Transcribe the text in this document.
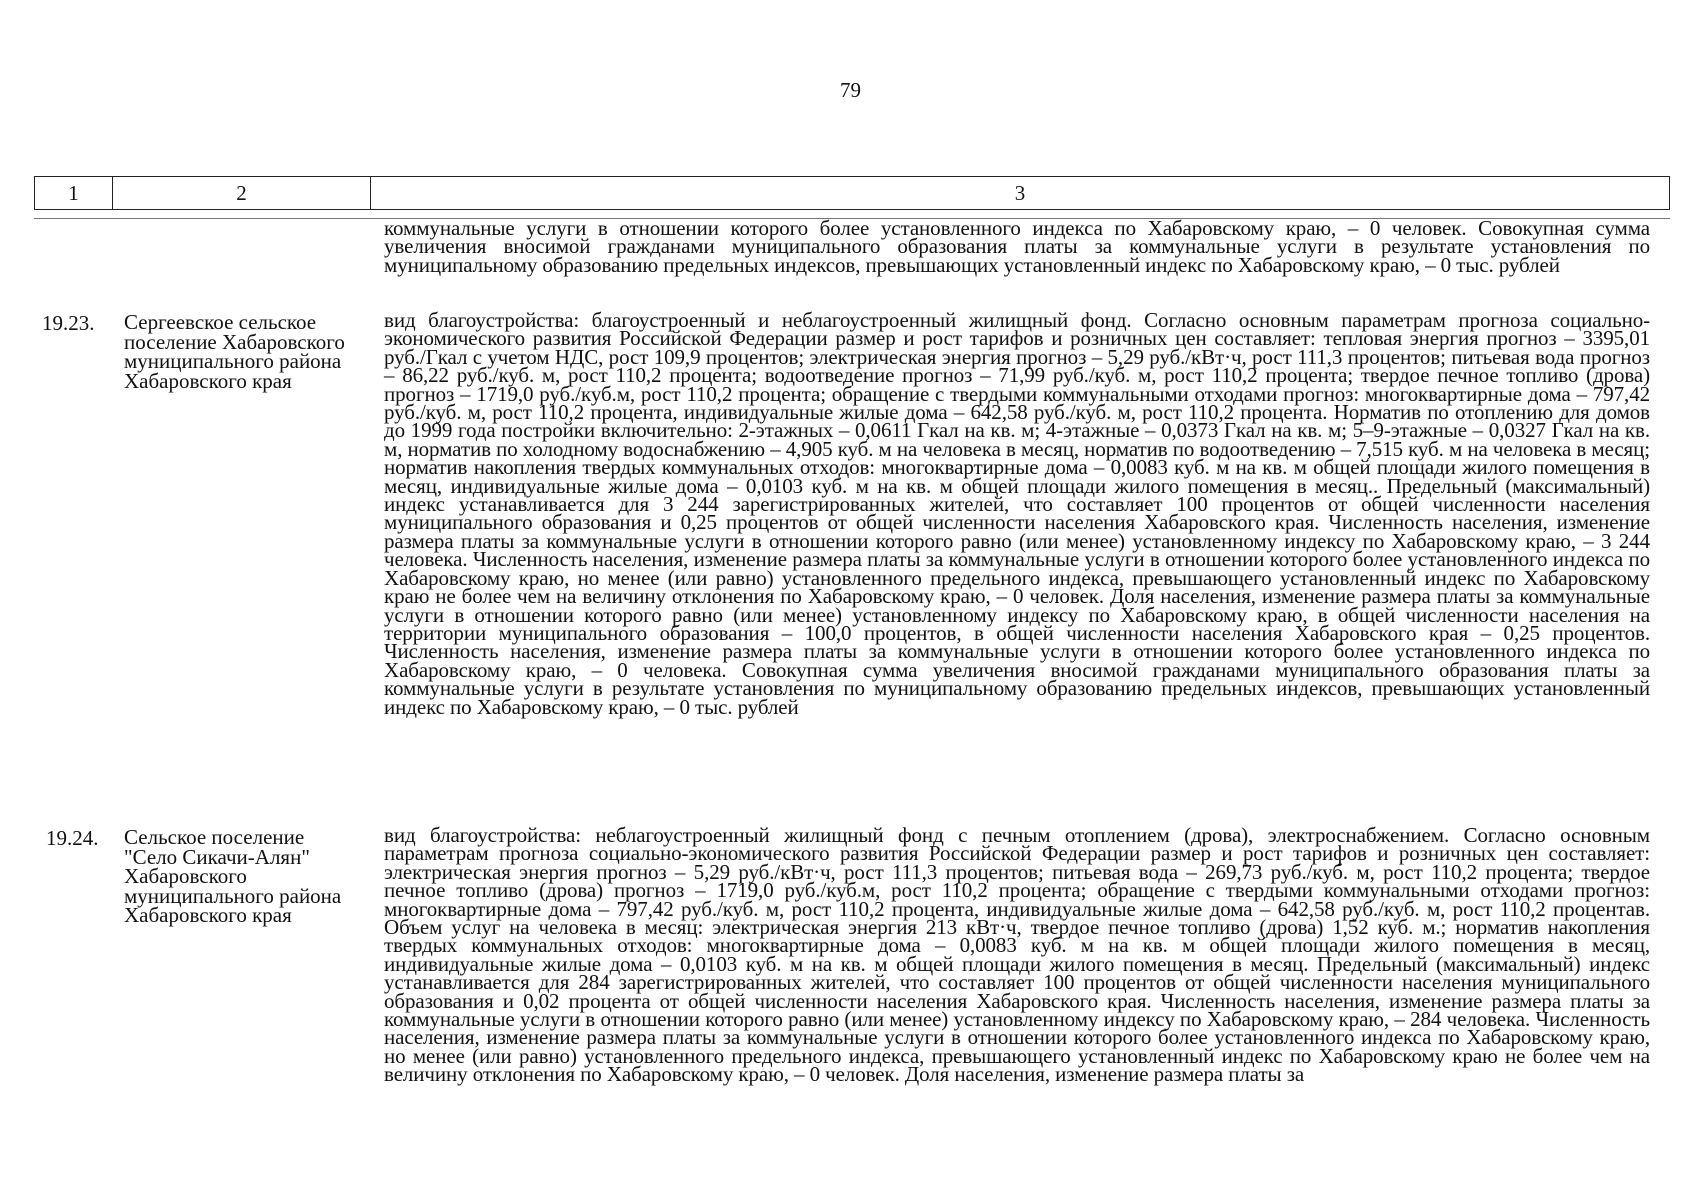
79
1	2	3
коммунальные услуги в отношении которого более установленного индекса по Хабаровскому краю, – 0 человек. Совокупная сумма увеличения вносимой гражданами муниципального образования платы за коммунальные услуги в результате установления по муниципальному образованию предельных индексов, превышающих установленный индекс по Хабаровскому краю, – 0 тыс. рублей
19.23. Сергеевское сельское поселение Хабаровского муниципального района Хабаровского края
вид благоустройства: благоустроенный и неблагоустроенный жилищный фонд. Согласно основным параметрам прогноза социально-экономического развития Российской Федерации размер и рост тарифов и розничных цен составляет: тепловая энергия прогноз – 3395,01 руб./Гкал с учетом НДС, рост 109,9 процентов; электрическая энергия прогноз – 5,29 руб./кВт·ч, рост 111,3 процентов; питьевая вода прогноз – 86,22 руб./куб. м, рост 110,2 процента; водоотведение прогноз – 71,99 руб./куб. м, рост 110,2 процента; твердое печное топливо (дрова) прогноз – 1719,0 руб./куб.м, рост 110,2 процента; обращение с твердыми коммунальными отходами прогноз: многоквартирные дома – 797,42 руб./куб. м, рост 110,2 процента, индивидуальные жилые дома – 642,58 руб./куб. м, рост 110,2 процента. Норматив по отоплению для домов до 1999 года постройки включительно: 2-этажных – 0,0611 Гкал на кв. м; 4-этажные – 0,0373 Гкал на кв. м; 5–9-этажные – 0,0327 Гкал на кв. м, норматив по холодному водоснабжению – 4,905 куб. м на человека в месяц, норматив по водоотведению – 7,515 куб. м на человека в месяц; норматив накопления твердых коммунальных отходов: многоквартирные дома – 0,0083 куб. м на кв. м общей площади жилого помещения в месяц, индивидуальные жилые дома – 0,0103 куб. м на кв. м общей площади жилого помещения в месяц.. Предельный (максимальный) индекс устанавливается для 3 244 зарегистрированных жителей, что составляет 100 процентов от общей численности населения муниципального образования и 0,25 процентов от общей численности населения Хабаровского края. Численность населения, изменение размера платы за коммунальные услуги в отношении которого равно (или менее) установленному индексу по Хабаровскому краю, – 3 244 человека. Численность населения, изменение размера платы за коммунальные услуги в отношении которого более установленного индекса по Хабаровскому краю, но менее (или равно) установленного предельного индекса, превышающего установленный индекс по Хабаровскому краю не более чем на величину отклонения по Хабаровскому краю, – 0 человек. Доля населения, изменение размера платы за коммунальные услуги в отношении которого равно (или менее) установленному индексу по Хабаровскому краю, в общей численности населения на территории муниципального образования – 100,0 процентов, в общей численности населения Хабаровского края – 0,25 процентов. Численность населения, изменение размера платы за коммунальные услуги в отношении которого более установленного индекса по Хабаровскому краю, – 0 человека. Совокупная сумма увеличения вносимой гражданами муниципального образования платы за коммунальные услуги в результате установления по муниципальному образованию предельных индексов, превышающих установленный индекс по Хабаровскому краю, – 0 тыс. рублей
19.24. Сельское поселение "Село Сикачи-Алян" Хабаровского муниципального района Хабаровского края
вид благоустройства: неблагоустроенный жилищный фонд с печным отоплением (дрова), электроснабжением. Согласно основным параметрам прогноза социально-экономического развития Российской Федерации размер и рост тарифов и розничных цен составляет: электрическая энергия прогноз – 5,29 руб./кВт·ч, рост 111,3 процентов; питьевая вода – 269,73 руб./куб. м, рост 110,2 процента; твердое печное топливо (дрова) прогноз – 1719,0 руб./куб.м, рост 110,2 процента; обращение с твердыми коммунальными отходами прогноз: многоквартирные дома – 797,42 руб./куб. м, рост 110,2 процента, индивидуальные жилые дома – 642,58 руб./куб. м, рост 110,2 процентав. Объем услуг на человека в месяц: электрическая энергия 213 кВт·ч, твердое печное топливо (дрова) 1,52 куб. м.; норматив накопления твердых коммунальных отходов: многоквартирные дома – 0,0083 куб. м на кв. м общей площади жилого помещения в месяц, индивидуальные жилые дома – 0,0103 куб. м на кв. м общей площади жилого помещения в месяц. Предельный (максимальный) индекс устанавливается для 284 зарегистрированных жителей, что составляет 100 процентов от общей численности населения муниципального образования и 0,02 процента от общей численности населения Хабаровского края. Численность населения, изменение размера платы за коммунальные услуги в отношении которого равно (или менее) установленному индексу по Хабаровскому краю, – 284 человека. Численность населения, изменение размера платы за коммунальные услуги в отношении которого более установленного индекса по Хабаровскому краю, но менее (или равно) установленного предельного индекса, превышающего установленный индекс по Хабаровскому краю не более чем на величину отклонения по Хабаровскому краю, – 0 человек. Доля населения, изменение размера платы за
